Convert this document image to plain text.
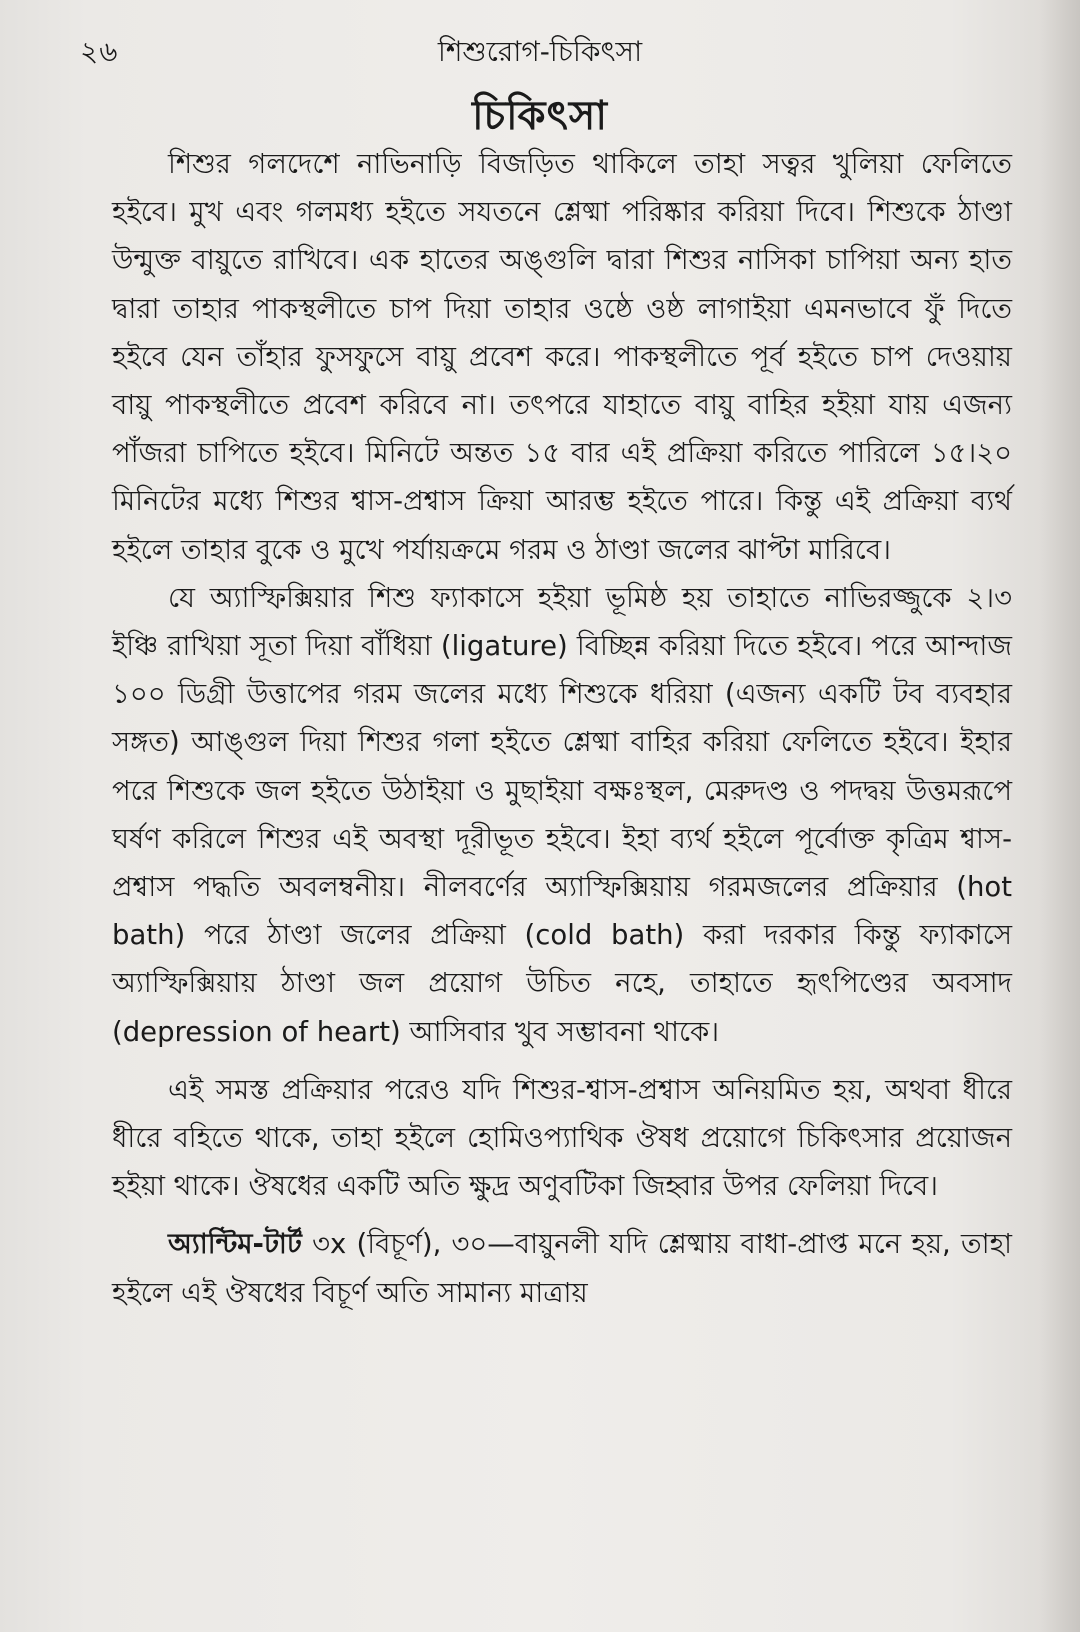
২৬	শিশুরোগ-চিকিৎসা
চিকিৎসা

শিশুর গলদেশে নাভিনাড়ি বিজড়িত থাকিলে তাহা সত্বর খুলিয়া ফেলিতে হইবে। মুখ এবং গলমধ্য হইতে সযতনে শ্লেষ্মা পরিষ্কার করিয়া দিবে। শিশুকে ঠাণ্ডা উন্মুক্ত বায়ুতে রাখিবে। এক হাতের অঙ্গুলি দ্বারা শিশুর নাসিকা চাপিয়া অন্য হাত দ্বারা তাহার পাকস্থলীতে চাপ দিয়া তাহার ওষ্ঠে ওষ্ঠ লাগাইয়া এমনভাবে ফুঁ দিতে হইবে যেন তাঁহার ফুসফুসে বায়ু প্রবেশ করে। পাকস্থলীতে পূর্ব হইতে চাপ দেওয়ায় বায়ু পাকস্থলীতে প্রবেশ করিবে না। তৎপরে যাহাতে বায়ু বাহির হইয়া যায় এজন্য পাঁজরা চাপিতে হইবে। মিনিটে অন্তত ১৫ বার এই প্রক্রিয়া করিতে পারিলে ১৫।২০ মিনিটের মধ্যে শিশুর শ্বাস-প্রশ্বাস ক্রিয়া আরম্ভ হইতে পারে। কিন্তু এই প্রক্রিয়া ব্যর্থ হইলে তাহার বুকে ও মুখে পর্যায়ক্রমে গরম ও ঠাণ্ডা জলের ঝাপ্টা মারিবে।

যে অ্যাস্ফিক্সিয়ার শিশু ফ্যাকাসে হইয়া ভূমিষ্ঠ হয় তাহাতে নাভিরজ্জুকে ২।৩ ইঞ্চি রাখিয়া সূতা দিয়া বাঁধিয়া (ligature) বিচ্ছিন্ন করিয়া দিতে হইবে। পরে আন্দাজ ১০০ ডিগ্রী উত্তাপের গরম জলের মধ্যে শিশুকে ধরিয়া (এজন্য একটি টব ব্যবহার সঙ্গত) আঙ্গুল দিয়া শিশুর গলা হইতে শ্লেষ্মা বাহির করিয়া ফেলিতে হইবে। ইহার পরে শিশুকে জল হইতে উঠাইয়া ও মুছাইয়া বক্ষঃস্থল, মেরুদণ্ড ও পদদ্বয় উত্তমরূপে ঘর্ষণ করিলে শিশুর এই অবস্থা দূরীভূত হইবে। ইহা ব্যর্থ হইলে পূর্বোক্ত কৃত্রিম শ্বাস-প্রশ্বাস পদ্ধতি অবলম্বনীয়। নীলবর্ণের অ্যাস্ফিক্সিয়ায় গরমজলের প্রক্রিয়ার (hot bath) পরে ঠাণ্ডা জলের প্রক্রিয়া (cold bath) করা দরকার কিন্তু ফ্যাকাসে অ্যাস্ফিক্সিয়ায় ঠাণ্ডা জল প্রয়োগ উচিত নহে, তাহাতে হৃৎপিণ্ডের অবসাদ (depression of heart) আসিবার খুব সম্ভাবনা থাকে।

এই সমস্ত প্রক্রিয়ার পরেও যদি শিশুর-শ্বাস-প্রশ্বাস অনিয়মিত হয়, অথবা ধীরে ধীরে বহিতে থাকে, তাহা হইলে হোমিওপ্যাথিক ঔষধ প্রয়োগে চিকিৎসার প্রয়োজন হইয়া থাকে। ঔষধের একটি অতি ক্ষুদ্র অণুবটিকা জিহ্বার উপর ফেলিয়া দিবে।

অ্যান্টিম-টার্ট ৩x (বিচূর্ণ), ৩০—বায়ুনলী যদি শ্লেষ্মায় বাধা-প্রাপ্ত মনে হয়, তাহা হইলে এই ঔষধের বিচূর্ণ অতি সামান্য মাত্রায়
